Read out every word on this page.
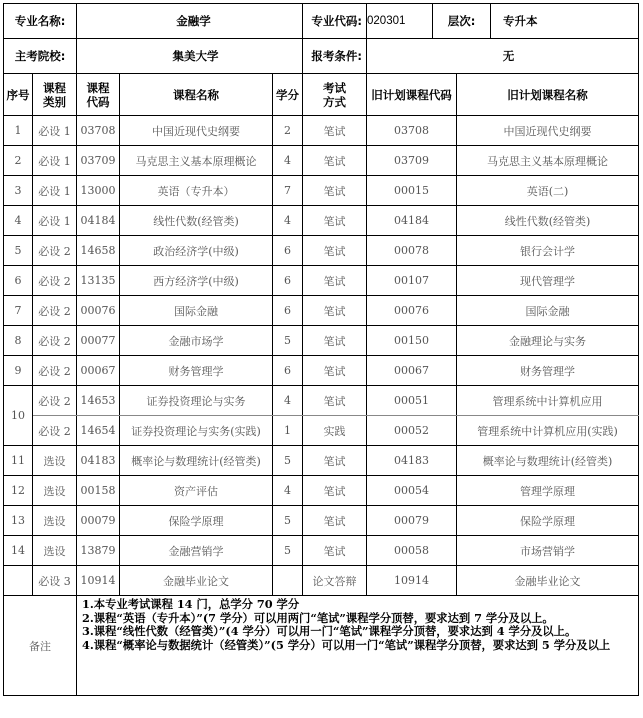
专业名称:		金融学			专业代码:	020301 层次: 专升本	

主考院校:		集美大学			报考条件:	无	
序号	课程类别	课程代码	课程名称	学分	考试方式	旧计划课程代码	旧计划课程名称
1	必设 1	03708	中国近现代史纲要	2	笔试	03708	中国近现代史纲要
2	必设 1	03709	马克思主义基本原理概论	4	笔试	03709	马克思主义基本原理概论
3	必设 1	13000	英语（专升本）	7	笔试	00015	英语(二)
4	必设 1	04184	线性代数(经管类)	4	笔试	04184	线性代数(经管类)
5	必设 2	14658	政治经济学(中级)	6	笔试	00078	银行会计学
6	必设 2	13135	西方经济学(中级)	6	笔试	00107	现代管理学
7	必设 2	00076	国际金融	6	笔试	00076	国际金融
8	必设 2	00077	金融市场学	5	笔试	00150	金融理论与实务
9	必设 2	00067	财务管理学	6	笔试	00067	财务管理学
10	必设 2	14653	证券投资理论与实务	4	笔试	00051	管理系统中计算机应用
	必设 2	14654	证券投资理论与实务(实践)	1	实践	00052	管理系统中计算机应用(实践)
11	选设	04183	概率论与数理统计(经管类)	5	笔试	04183	概率论与数理统计(经管类)
12	选设	00158	资产评估	4	笔试	00054	管理学原理
13	选设	00079	保险学原理	5	笔试	00079	保险学原理
14	选设	13879	金融营销学	5	笔试	00058	市场营销学
	必设 3	10914	金融毕业论文		论文答辩	10914	金融毕业论文
备注		1.本专业考试课程 14 门，总学分 70 学分
2.课程“英语（专升本）”(7 学分）可以用两门“笔试”课程学分顶替，要求达到 7 学分及以上。
3.课程“线性代数（经管类）”(4 学分）可以用一门“笔试”课程学分顶替，要求达到 4 学分及以上。
4.课程“概率论与数据统计（经管类）”(5 学分）可以用一门“笔试”课程学分顶替，要求达到 5 学分及以上					
